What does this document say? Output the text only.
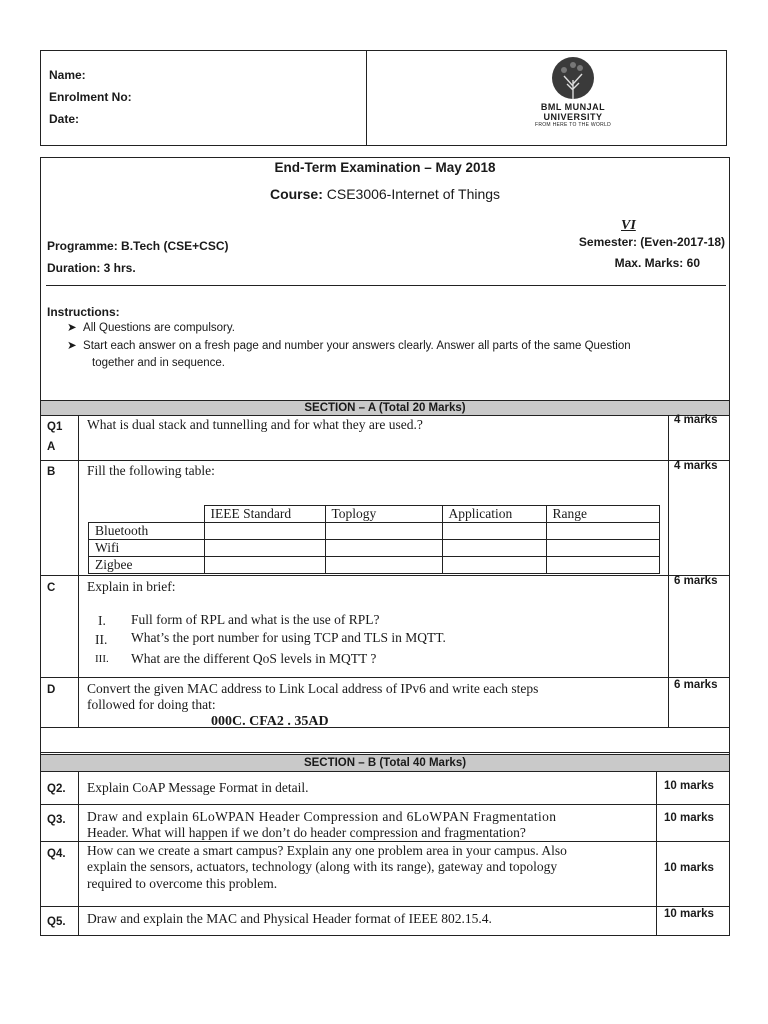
Name:
Enrolment No:
Date:
BML MUNJAL
UNIVERSITY
FROM HERE TO THE WORLD
End-Term Examination – May 2018
Course: CSE3006-Internet of Things
Programme: B.Tech (CSE+CSC)
Duration: 3 hrs.
VI
Semester: (Even-2017-18)
Max. Marks: 60
Instructions:
➤ All Questions are compulsory.
➤ Start each answer on a fresh page and number your answers clearly. Answer all parts of the same Question
together and in sequence.
SECTION – A (Total 20 Marks)
Q1
A
What is dual stack and tunnelling and for what they are used.?	4 marks
B Fill the following table:	4 marks
	IEEE Standard	Toplogy	Application	Range
Bluetooth				
Wifi				
Zigbee				
C Explain in brief:	6 marks
I. Full form of RPL and what is the use of RPL?
II. What’s the port number for using TCP and TLS in MQTT.
III. What are the different QoS levels in MQTT ?
D Convert the given MAC address to Link Local address of IPv6 and write each steps
followed for doing that:
000C. CFA2 . 35AD
6 marks
SECTION – B (Total 40 Marks)
Q2. Explain CoAP Message Format in detail.	10 marks
Q3. Draw and explain 6LoWPAN Header Compression and 6LoWPAN Fragmentation
Header. What will happen if we don’t do header compression and fragmentation?
10 marks
Q4. How can we create a smart campus? Explain any one problem area in your campus. Also
explain the sensors, actuators, technology (along with its range), gateway and topology
required to overcome this problem.
10 marks
Q5. Draw and explain the MAC and Physical Header format of IEEE 802.15.4.	10 marks
